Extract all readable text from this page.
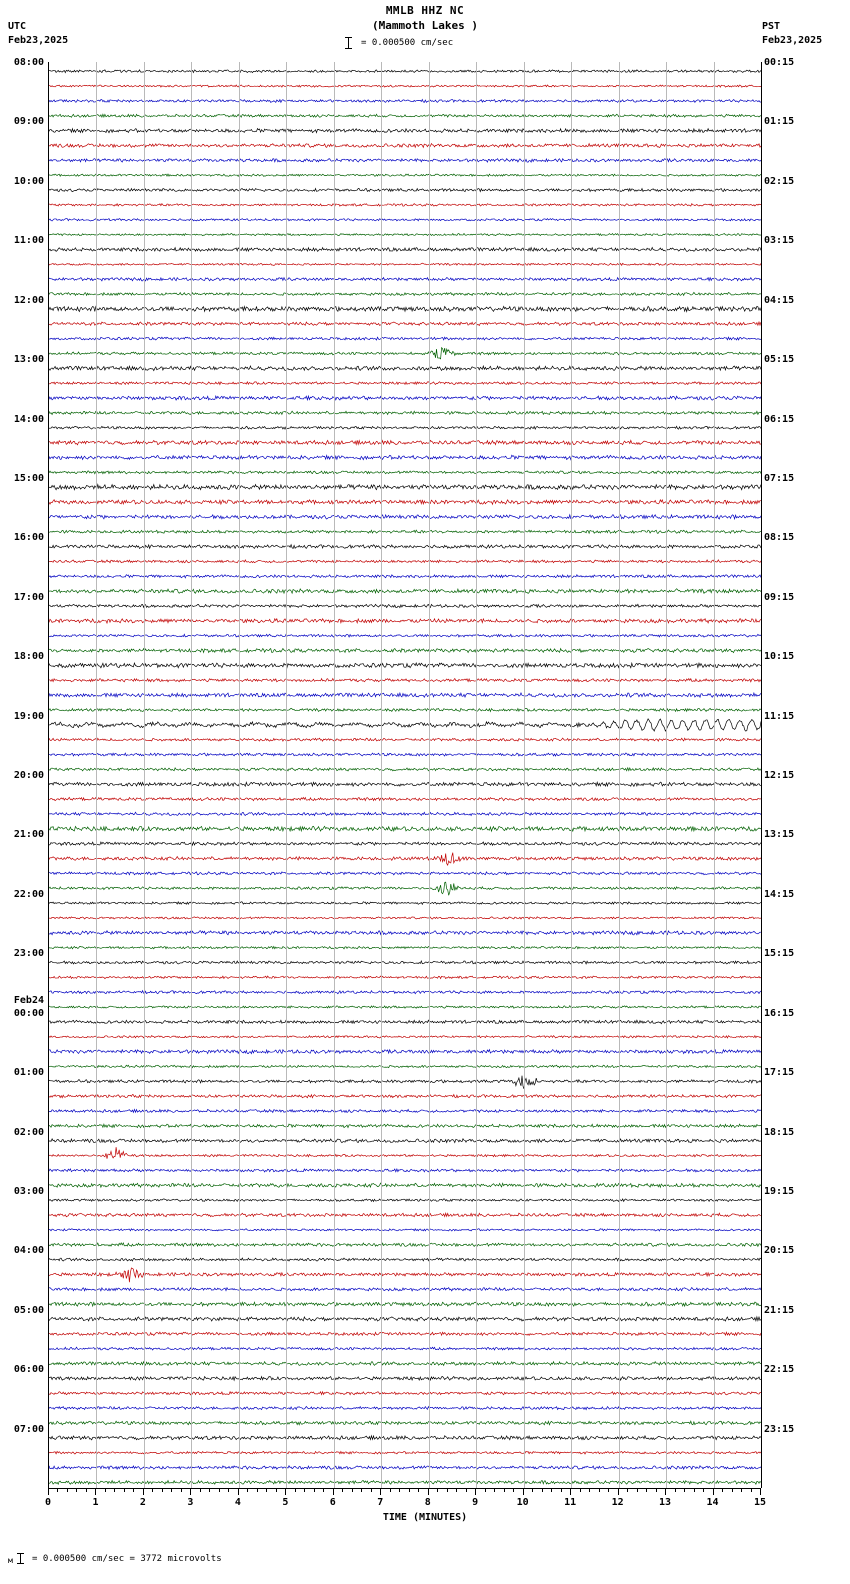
MMLB HHZ NC
(Mammoth Lakes )
= 0.000500 cm/sec
UTC
Feb23,2025
PST
Feb23,2025
08:00	00:15
09:00	01:15
10:00	02:15
11:00	03:15
12:00	04:15
13:00	05:15
14:00	06:15
15:00	07:15
16:00	08:15
17:00	09:15
18:00	10:15
19:00	11:15
20:00	12:15
21:00	13:15
22:00	14:15
23:00	15:15
00:00	16:15
Feb24
01:00	17:15
02:00	18:15
03:00	19:15
04:00	20:15
05:00	21:15
06:00	22:15
07:00	23:15
0	1	2	3	4	5	6	7	8	9	10	11	12	13	14	15
TIME (MINUTES)
м = 0.000500 cm/sec = 3772 microvolts
